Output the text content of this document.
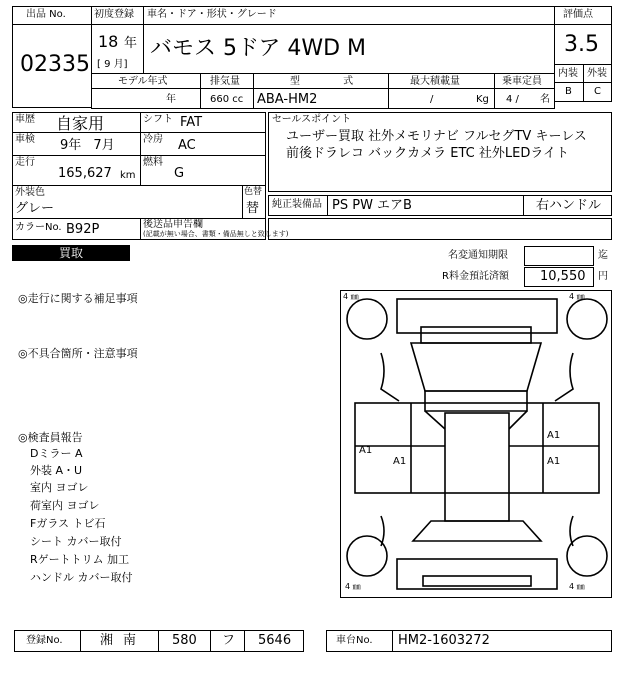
出品 No.
02335
初度登録
18 年
[ 9 月]
車名・ドア・形状・グレード
バモス 5ドア 4WD M
評価点
3.5
内装 外装
B C
モデル年式
年
排気量
660 cc
型 式
ABA-HM2
最大積載量
/	Kg
乗車定員
4 / 名
車歴 自家用	シフト FAT
車検 9年 7月	冷房 AC
走行
165,627 km
燃料
G
外装色
グレー
色替
替
カラーNo. B92P	後送品申告欄
(記載が無い場合、書類・備品無しと致します)
セールスポイント
ユーザー買取 社外メモリナビ フルセグTV キーレス
前後ドラレコ バックカメラ ETC 社外LEDライト
純正装備品 PS PW エアB	右ハンドル
買取	名変通知期限	迄
R料金預託済額 10,550 円
◎走行に関する補足事項
◎不具合箇所・注意事項
◎検査員報告
Dミラー A
外装 A・U
室内 ヨゴレ
荷室内 ヨゴレ
Fガラス トビ石
シート カバー取付
Rゲートトリム 加工
ハンドル カバー取付
4 ㎜	4 ㎜
4 ㎜	4 ㎜
A1
A1
A1
A1
登録No.	湘南 580 フ 5646	車台No. HM2-1603272
